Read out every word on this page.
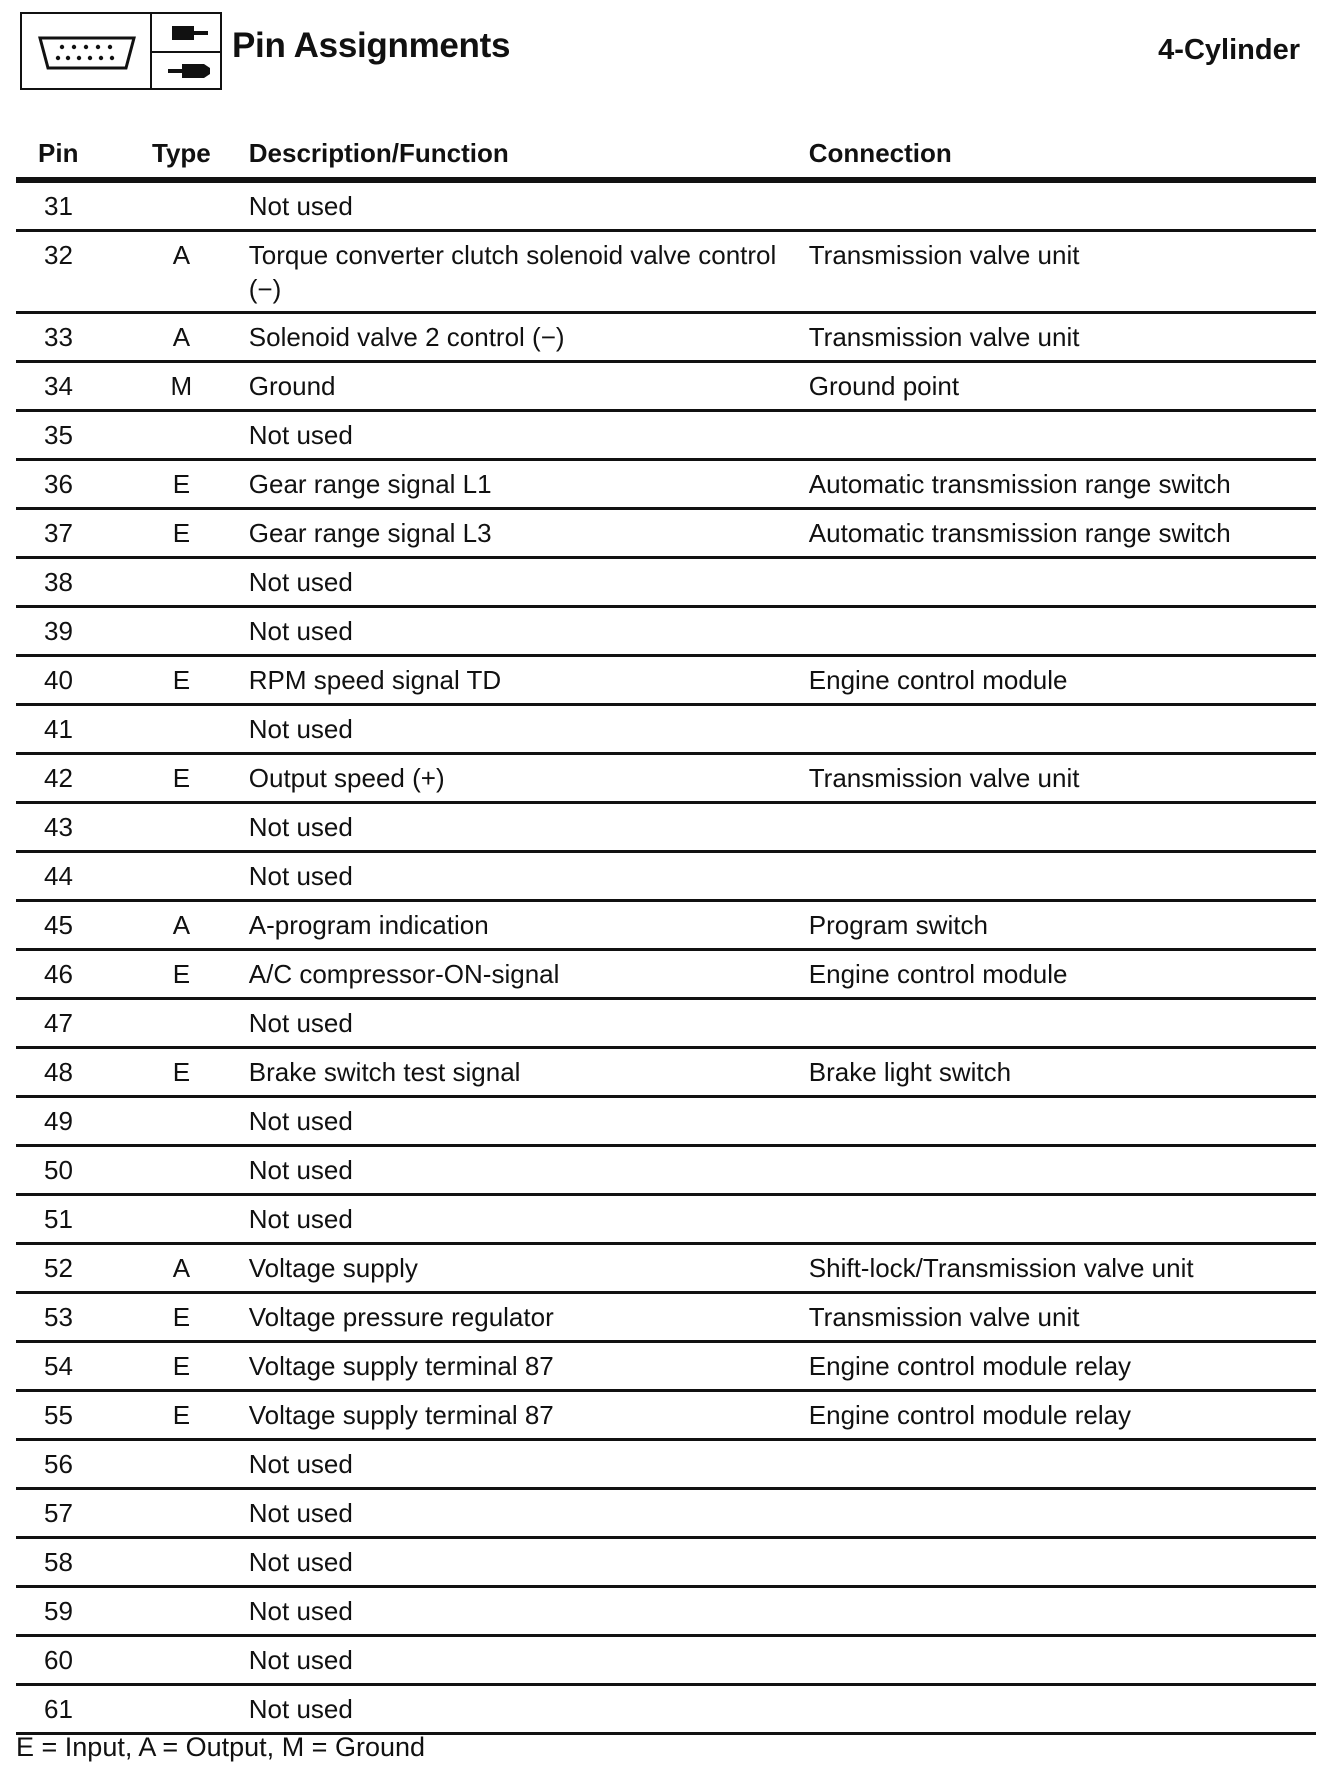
Pin Assignments	4-Cylinder
Pin	Type	Description/Function	Connection
31		Not used	
32	A	Torque converter clutch solenoid valve control (−)	Transmission valve unit
33	A	Solenoid valve 2 control (−)	Transmission valve unit
34	M	Ground	Ground point
35		Not used	
36	E	Gear range signal L1	Automatic transmission range switch
37	E	Gear range signal L3	Automatic transmission range switch
38		Not used	
39		Not used	
40	E	RPM speed signal TD	Engine control module
41		Not used	
42	E	Output speed (+)	Transmission valve unit
43		Not used	
44		Not used	
45	A	A-program indication	Program switch
46	E	A/C compressor-ON-signal	Engine control module
47		Not used	
48	E	Brake switch test signal	Brake light switch
49		Not used	
50		Not used	
51		Not used	
52	A	Voltage supply	Shift-lock/Transmission valve unit
53	E	Voltage pressure regulator	Transmission valve unit
54	E	Voltage supply terminal 87	Engine control module relay
55	E	Voltage supply terminal 87	Engine control module relay
56		Not used	
57		Not used	
58		Not used	
59		Not used	
60		Not used	
61		Not used	
E = Input, A = Output, M = Ground
